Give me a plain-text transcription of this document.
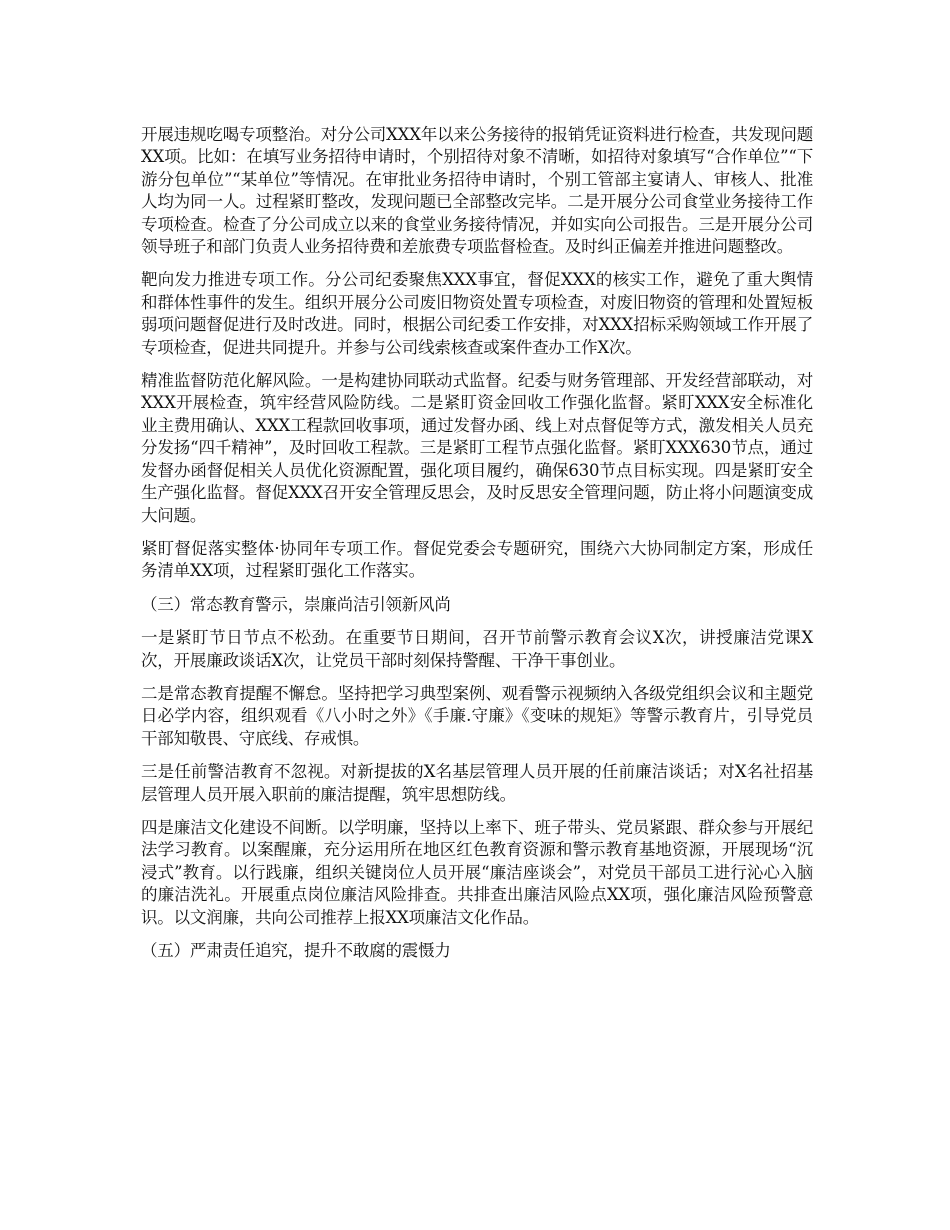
开展违规吃喝专项整治。对分公司XXX年以来公务接待的报销凭证资料进行检查，共发现问题XX项。比如：在填写业务招待申请时，个别招待对象不清晰，如招待对象填写“合作单位”“下游分包单位”“某单位”等情况。在审批业务招待申请时，个别工管部主宴请人、审核人、批准人均为同一人。过程紧盯整改，发现问题已全部整改完毕。二是开展分公司食堂业务接待工作专项检查。检查了分公司成立以来的食堂业务接待情况，并如实向公司报告。三是开展分公司领导班子和部门负责人业务招待费和差旅费专项监督检查。及时纠正偏差并推进问题整改。

靶向发力推进专项工作。分公司纪委聚焦XXX事宜，督促XXX的核实工作，避免了重大舆情和群体性事件的发生。组织开展分公司废旧物资处置专项检查，对废旧物资的管理和处置短板弱项问题督促进行及时改进。同时，根据公司纪委工作安排，对XXX招标采购领域工作开展了专项检查，促进共同提升。并参与公司线索核查或案件查办工作X次。

精准监督防范化解风险。一是构建协同联动式监督。纪委与财务管理部、开发经营部联动，对XXX开展检查，筑牢经营风险防线。二是紧盯资金回收工作强化监督。紧盯XXX安全标准化业主费用确认、XXX工程款回收事项，通过发督办函、线上对点督促等方式，激发相关人员充分发扬“四千精神”，及时回收工程款。三是紧盯工程节点强化监督。紧盯XXX630节点，通过发督办函督促相关人员优化资源配置，强化项目履约，确保630节点目标实现。四是紧盯安全生产强化监督。督促XXX召开安全管理反思会，及时反思安全管理问题，防止将小问题演变成大问题。

紧盯督促落实整体·协同年专项工作。督促党委会专题研究，围绕六大协同制定方案，形成任务清单XX项，过程紧盯强化工作落实。

（三）常态教育警示，崇廉尚洁引领新风尚

一是紧盯节日节点不松劲。在重要节日期间，召开节前警示教育会议X次，讲授廉洁党课X次，开展廉政谈话X次，让党员干部时刻保持警醒、干净干事创业。

二是常态教育提醒不懈怠。坚持把学习典型案例、观看警示视频纳入各级党组织会议和主题党日必学内容，组织观看《八小时之外》《手廉.守廉》《变味的规矩》等警示教育片，引导党员干部知敬畏、守底线、存戒惧。

三是任前警洁教育不忽视。对新提拔的X名基层管理人员开展的任前廉洁谈话；对X名社招基层管理人员开展入职前的廉洁提醒，筑牢思想防线。

四是廉洁文化建设不间断。以学明廉，坚持以上率下、班子带头、党员紧跟、群众参与开展纪法学习教育。以案醒廉，充分运用所在地区红色教育资源和警示教育基地资源，开展现场“沉浸式”教育。以行践廉，组织关键岗位人员开展“廉洁座谈会”，对党员干部员工进行沁心入脑的廉洁洗礼。开展重点岗位廉洁风险排查。共排查出廉洁风险点XX项，强化廉洁风险预警意识。以文润廉，共向公司推荐上报XX项廉洁文化作品。

（五）严肃责任追究，提升不敢腐的震慑力
